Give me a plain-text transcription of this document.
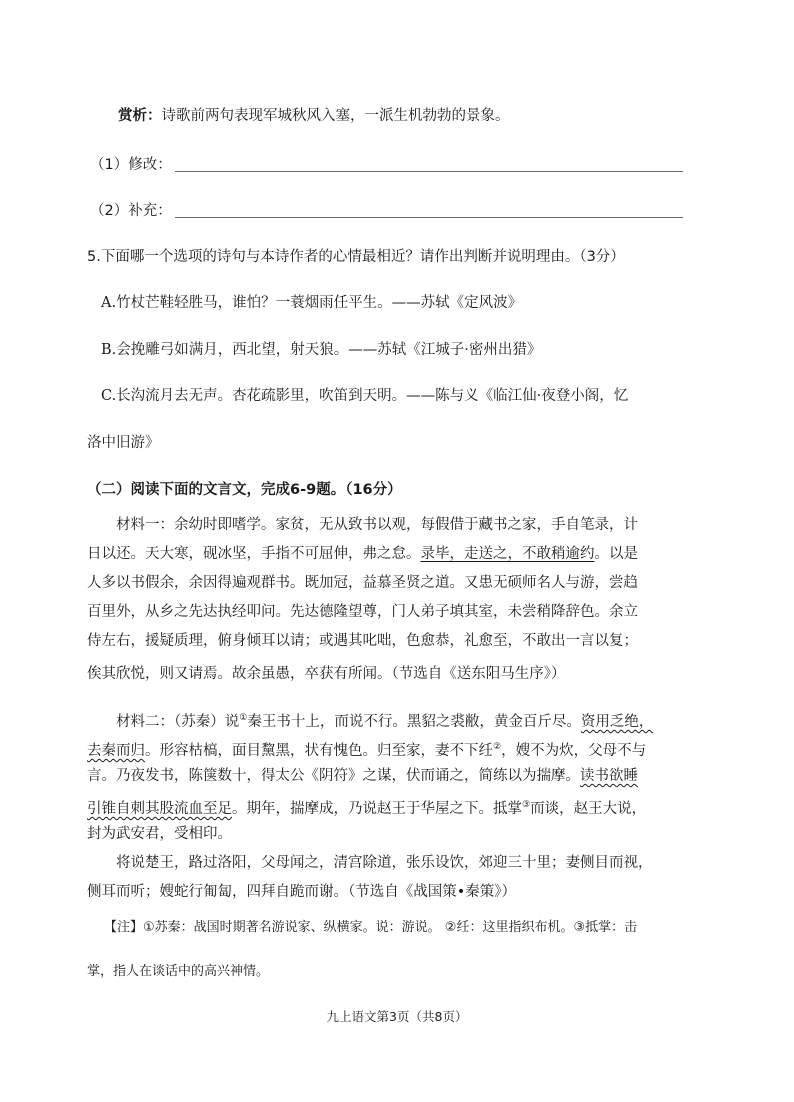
赏析：诗歌前两句表现军城秋风入塞，一派生机勃勃的景象。
（1）修改：
（2）补充：
5.下面哪一个选项的诗句与本诗作者的心情最相近？请作出判断并说明理由。（3分）
A.竹杖芒鞋轻胜马，谁怕？一蓑烟雨任平生。——苏轼《定风波》
B.会挽雕弓如满月，西北望，射天狼。——苏轼《江城子·密州出猎》
C.长沟流月去无声。杏花疏影里，吹笛到天明。——陈与义《临江仙·夜登小阁，忆
洛中旧游》
（二）阅读下面的文言文，完成6-9题。（16分）
材料一：余幼时即嗜学。家贫，无从致书以观，每假借于藏书之家，手自笔录，计
日以还。天大寒，砚冰坚，手指不可屈伸，弗之怠。录毕，走送之，不敢稍逾约。以是
人多以书假余，余因得遍观群书。既加冠，益慕圣贤之道。又患无硕师名人与游，尝趋
百里外，从乡之先达执经叩问。先达德隆望尊，门人弟子填其室，未尝稍降辞色。余立
侍左右，援疑质理，俯身倾耳以请；或遇其叱咄，色愈恭，礼愈至，不敢出一言以复；
俟其欣悦，则又请焉。故余虽愚，卒获有所闻。（节选自《送东阳马生序》）
材料二：（苏秦）说①秦王书十上，而说不行。黑貂之裘敝，黄金百斤尽。资用乏绝，
去秦而归。形容枯槁，面目黧黑，状有愧色。归至家，妻不下纴②，嫂不为炊，父母不与
言。乃夜发书，陈箧数十，得太公《阴符》之谋，伏而诵之，简练以为揣摩。读书欲睡
引锥自刺其股流血至足。期年，揣摩成，乃说赵王于华屋之下。抵掌③而谈，赵王大说，
封为武安君，受相印。
将说楚王，路过洛阳，父母闻之，清宫除道，张乐设饮，郊迎三十里；妻侧目而视，
侧耳而听；嫂蛇行匍匐，四拜自跪而谢。（节选自《战国策•秦策》）
【注】①苏秦：战国时期著名游说家、纵横家。说：游说。 ②纴：这里指织布机。③抵掌：击
掌，指人在谈话中的高兴神情。
九上语文第3页（共8页）
